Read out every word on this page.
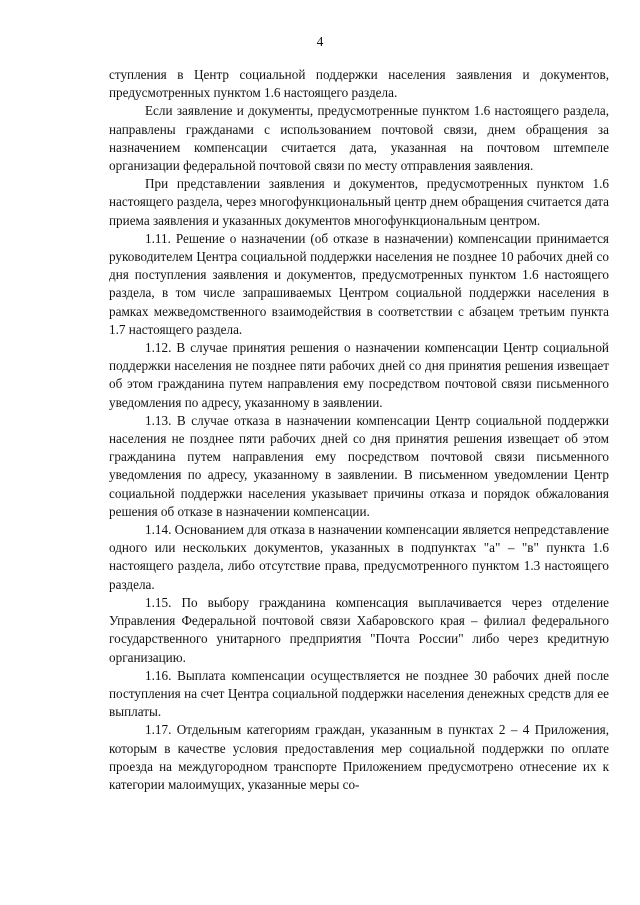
4

ступления в Центр социальной поддержки населения заявления и документов, предусмотренных пунктом 1.6 настоящего раздела.

Если заявление и документы, предусмотренные пунктом 1.6 настоящего раздела, направлены гражданами с использованием почтовой связи, днем обращения за назначением компенсации считается дата, указанная на почтовом штемпеле организации федеральной почтовой связи по месту отправления заявления.

При представлении заявления и документов, предусмотренных пунктом 1.6 настоящего раздела, через многофункциональный центр днем обращения считается дата приема заявления и указанных документов многофункциональным центром.

1.11. Решение о назначении (об отказе в назначении) компенсации принимается руководителем Центра социальной поддержки населения не позднее 10 рабочих дней со дня поступления заявления и документов, предусмотренных пунктом 1.6 настоящего раздела, в том числе запрашиваемых Центром социальной поддержки населения в рамках межведомственного взаимодействия в соответствии с абзацем третьим пункта 1.7 настоящего раздела.

1.12. В случае принятия решения о назначении компенсации Центр социальной поддержки населения не позднее пяти рабочих дней со дня принятия решения извещает об этом гражданина путем направления ему посредством почтовой связи письменного уведомления по адресу, указанному в заявлении.

1.13. В случае отказа в назначении компенсации Центр социальной поддержки населения не позднее пяти рабочих дней со дня принятия решения извещает об этом гражданина путем направления ему посредством почтовой связи письменного уведомления по адресу, указанному в заявлении. В письменном уведомлении Центр социальной поддержки населения указывает причины отказа и порядок обжалования решения об отказе в назначении компенсации.

1.14. Основанием для отказа в назначении компенсации является непредставление одного или нескольких документов, указанных в подпунктах "а" – "в" пункта 1.6 настоящего раздела, либо отсутствие права, предусмотренного пунктом 1.3 настоящего раздела.

1.15. По выбору гражданина компенсация выплачивается через отделение Управления Федеральной почтовой связи Хабаровского края – филиал федерального государственного унитарного предприятия "Почта России" либо через кредитную организацию.

1.16. Выплата компенсации осуществляется не позднее 30 рабочих дней после поступления на счет Центра социальной поддержки населения денежных средств для ее выплаты.

1.17. Отдельным категориям граждан, указанным в пунктах 2 – 4 Приложения, которым в качестве условия предоставления мер социальной поддержки по оплате проезда на междугородном транспорте Приложением предусмотрено отнесение их к категории малоимущих, указанные меры со-
